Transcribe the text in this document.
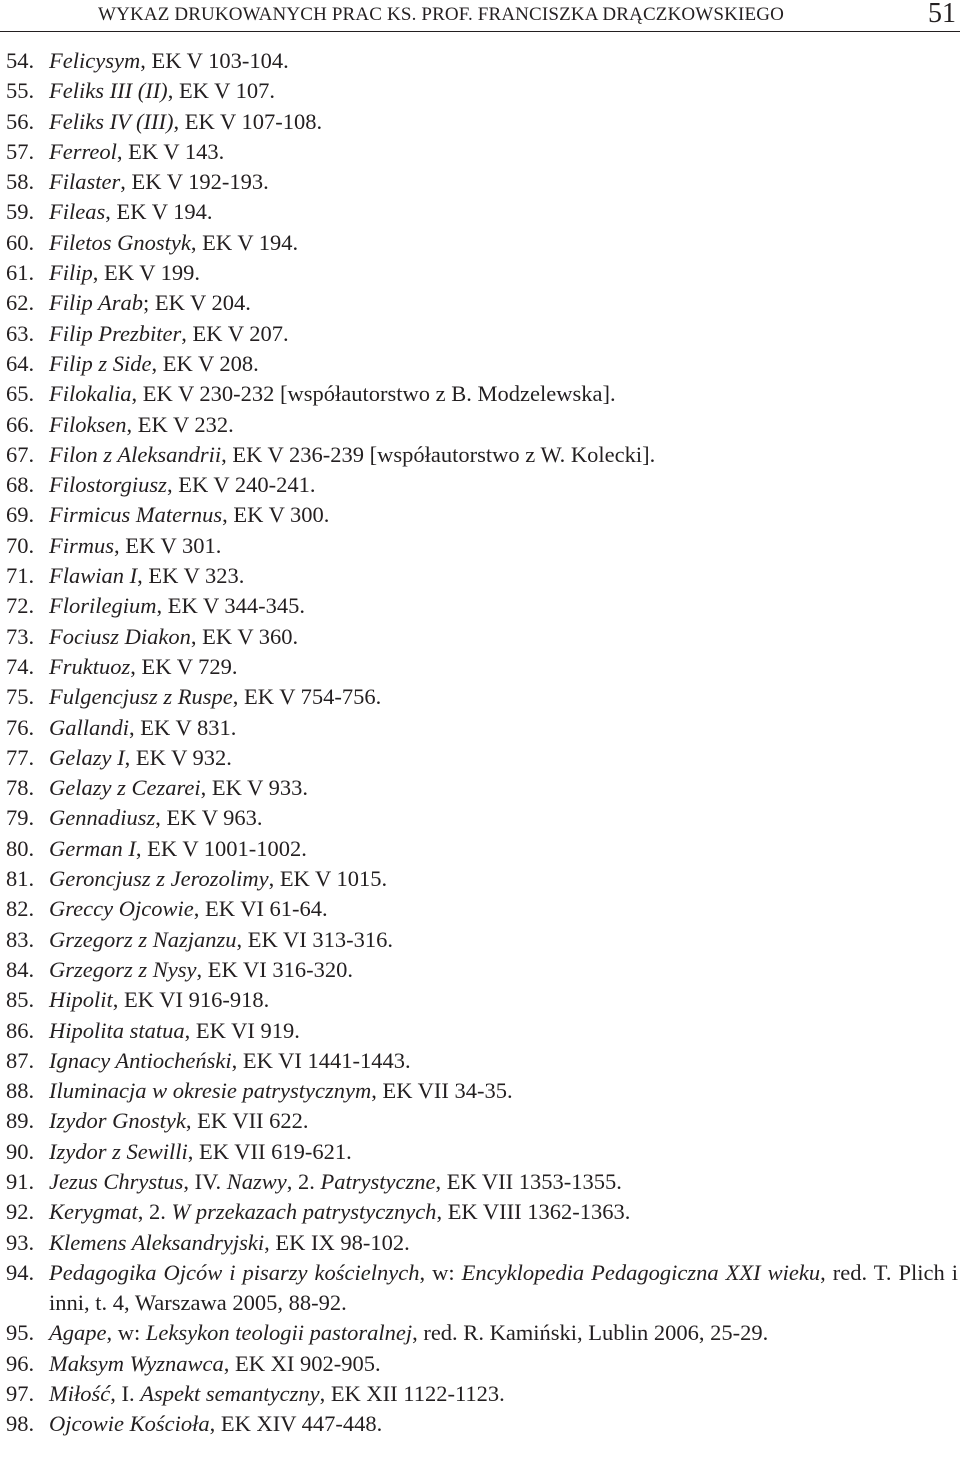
WYKAZ DRUKOWANYCH PRAC KS. PROF. FRANCISZKA DRĄCZKOWSKIEGO	51
54. Felicysym, EK V 103-104.
55. Feliks III (II), EK V 107.
56. Feliks IV (III), EK V 107-108.
57. Ferreol, EK V 143.
58. Filaster, EK V 192-193.
59. Fileas, EK V 194.
60. Filetos Gnostyk, EK V 194.
61. Filip, EK V 199.
62. Filip Arab; EK V 204.
63. Filip Prezbiter, EK V 207.
64. Filip z Side, EK V 208.
65. Filokalia, EK V 230-232 [współautorstwo z B. Modzelewska].
66. Filoksen, EK V 232.
67. Filon z Aleksandrii, EK V 236-239 [współautorstwo z W. Kolecki].
68. Filostorgiusz, EK V 240-241.
69. Firmicus Maternus, EK V 300.
70. Firmus, EK V 301.
71. Flawian I, EK V 323.
72. Florilegium, EK V 344-345.
73. Fociusz Diakon, EK V 360.
74. Fruktuoz, EK V 729.
75. Fulgencjusz z Ruspe, EK V 754-756.
76. Gallandi, EK V 831.
77. Gelazy I, EK V 932.
78. Gelazy z Cezarei, EK V 933.
79. Gennadiusz, EK V 963.
80. German I, EK V 1001-1002.
81. Geroncjusz z Jerozolimy, EK V 1015.
82. Greccy Ojcowie, EK VI 61-64.
83. Grzegorz z Nazjanzu, EK VI 313-316.
84. Grzegorz z Nysy, EK VI 316-320.
85. Hipolit, EK VI 916-918.
86. Hipolita statua, EK VI 919.
87. Ignacy Antiocheński, EK VI 1441-1443.
88. Iluminacja w okresie patrystycznym, EK VII 34-35.
89. Izydor Gnostyk, EK VII 622.
90. Izydor z Sewilli, EK VII 619-621.
91. Jezus Chrystus, IV. Nazwy, 2. Patrystyczne, EK VII 1353-1355.
92. Kerygmat, 2. W przekazach patrystycznych, EK VIII 1362-1363.
93. Klemens Aleksandryjski, EK IX 98-102.
94. Pedagogika Ojców i pisarzy kościelnych, w: Encyklopedia Pedagogiczna XXI wieku, red. T. Plich i inni, t. 4, Warszawa 2005, 88-92.
95. Agape, w: Leksykon teologii pastoralnej, red. R. Kamiński, Lublin 2006, 25-29.
96. Maksym Wyznawca, EK XI 902-905.
97. Miłość, I. Aspekt semantyczny, EK XII 1122-1123.
98. Ojcowie Kościoła, EK XIV 447-448.
